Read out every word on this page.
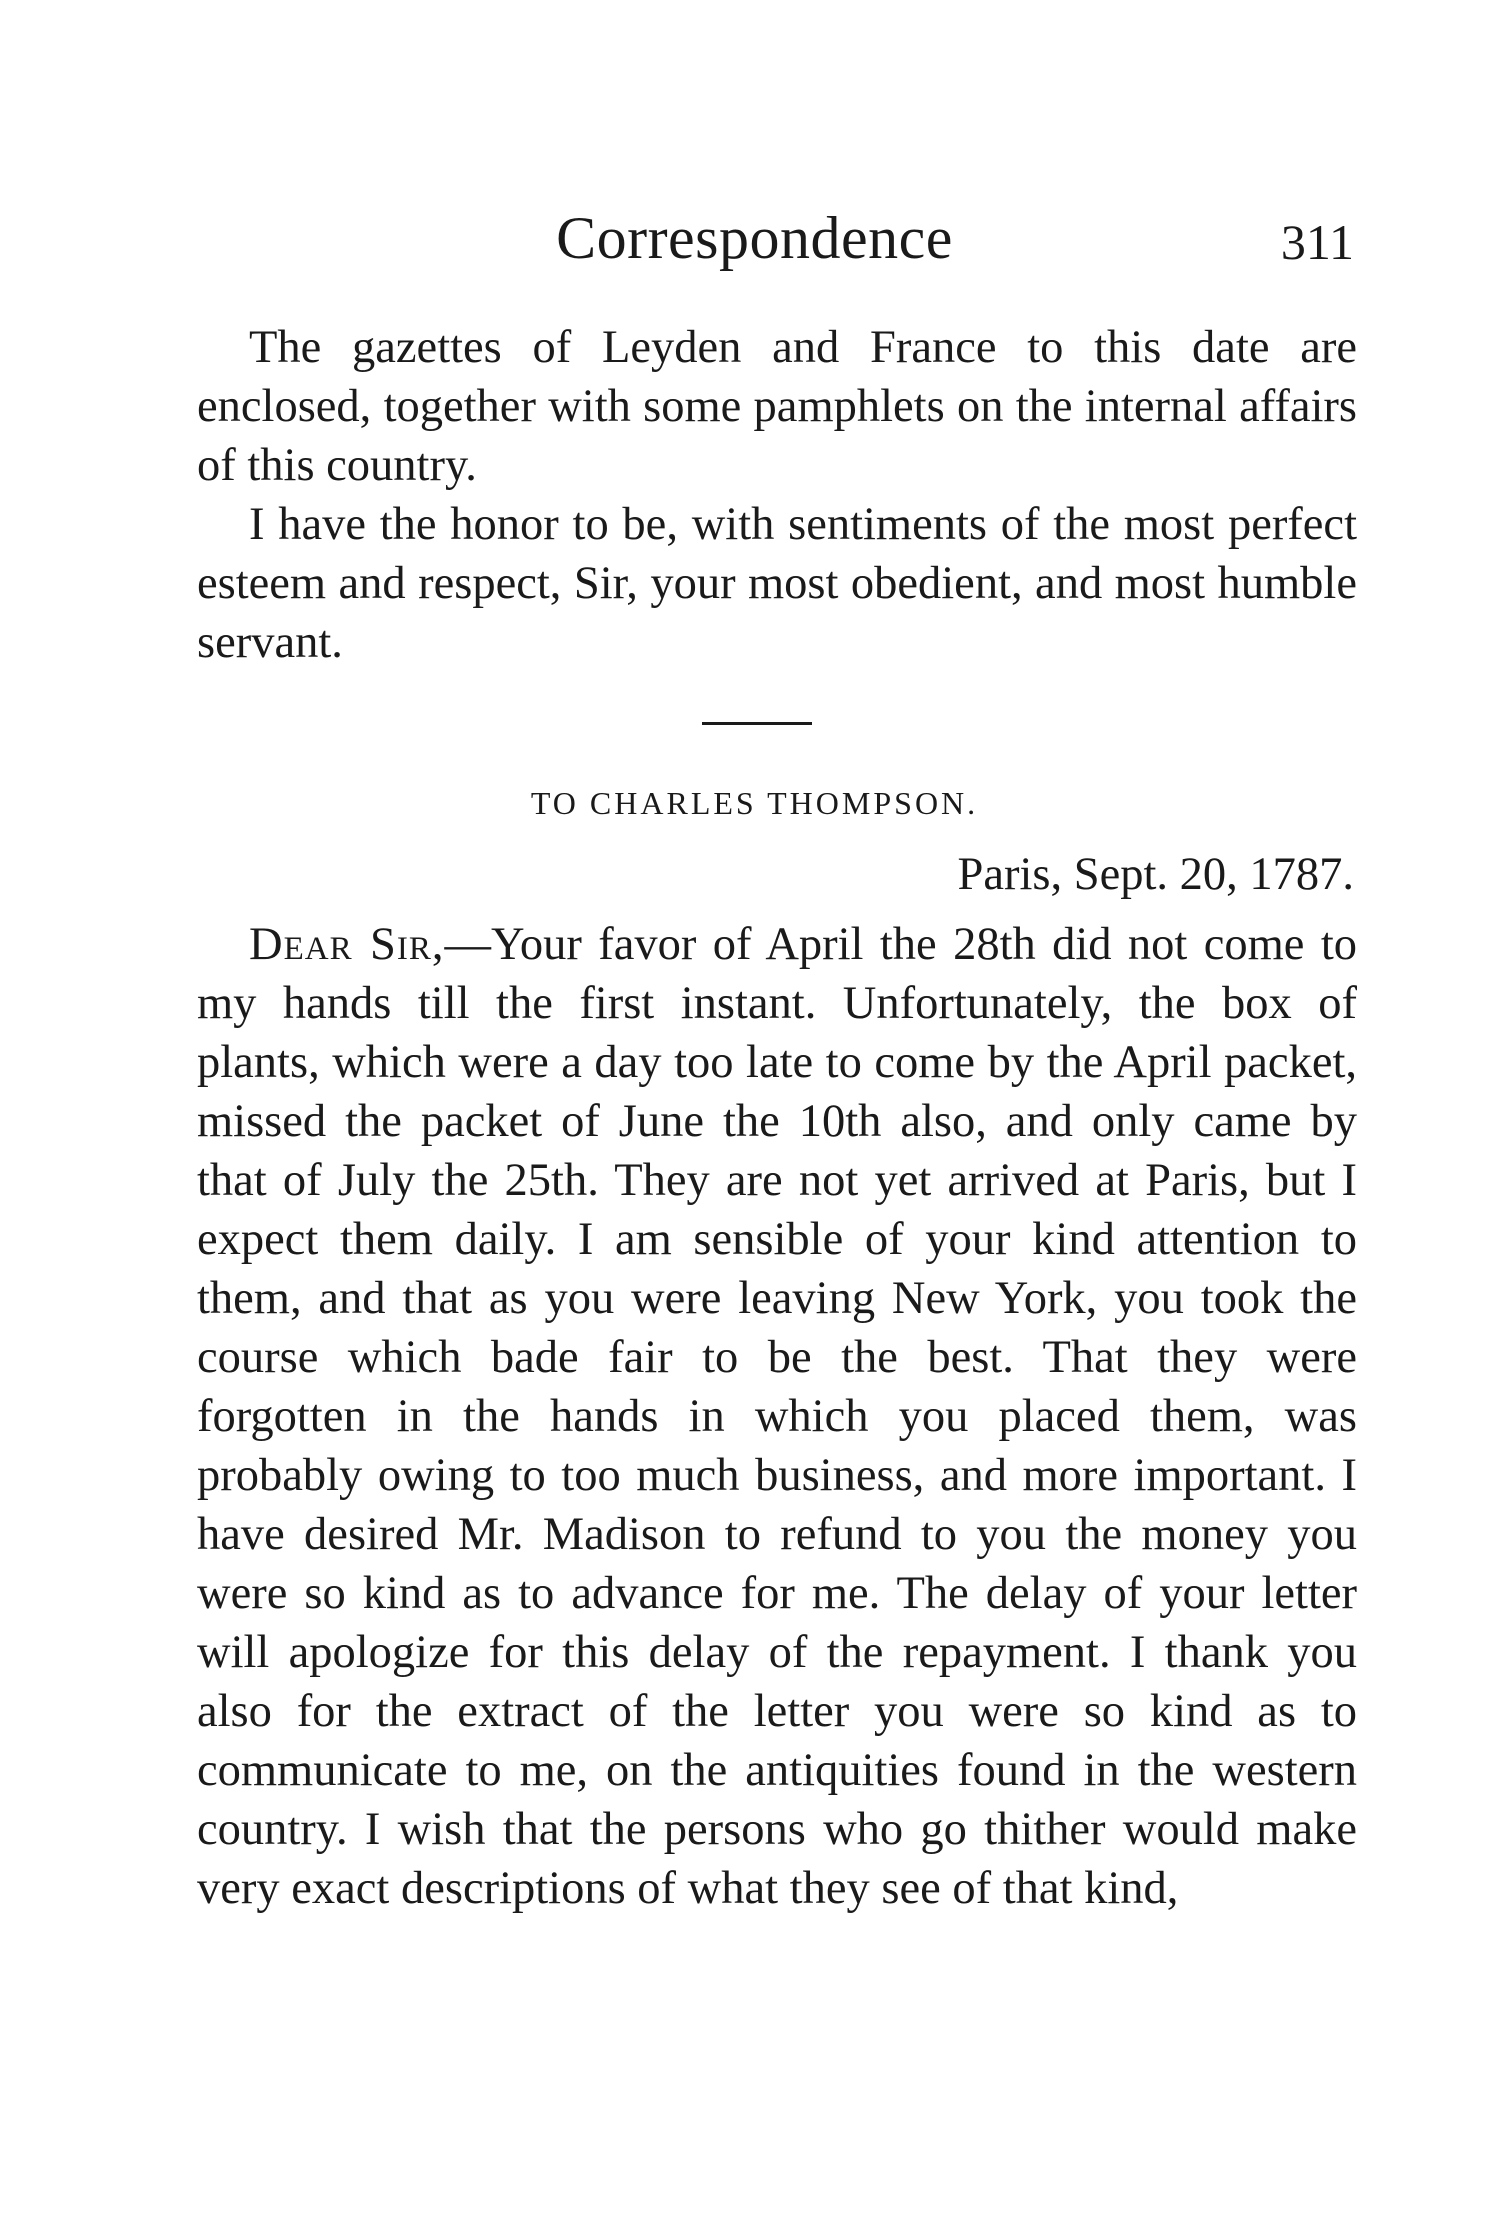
Correspondence	311

The gazettes of Leyden and France to this date are enclosed, together with some pamphlets on the internal affairs of this country.

I have the honor to be, with sentiments of the most perfect esteem and respect, Sir, your most obedient, and most humble servant.

TO CHARLES THOMPSON.
Paris, Sept. 20, 1787.

Dear Sir,—Your favor of April the 28th did not come to my hands till the first instant. Unfortunately, the box of plants, which were a day too late to come by the April packet, missed the packet of June the 10th also, and only came by that of July the 25th. They are not yet arrived at Paris, but I expect them daily. I am sensible of your kind attention to them, and that as you were leaving New York, you took the course which bade fair to be the best. That they were forgotten in the hands in which you placed them, was probably owing to too much business, and more important. I have desired Mr. Madison to refund to you the money you were so kind as to advance for me. The delay of your letter will apologize for this delay of the repayment. I thank you also for the extract of the letter you were so kind as to communicate to me, on the antiquities found in the western country. I wish that the persons who go thither would make very exact descriptions of what they see of that kind,
